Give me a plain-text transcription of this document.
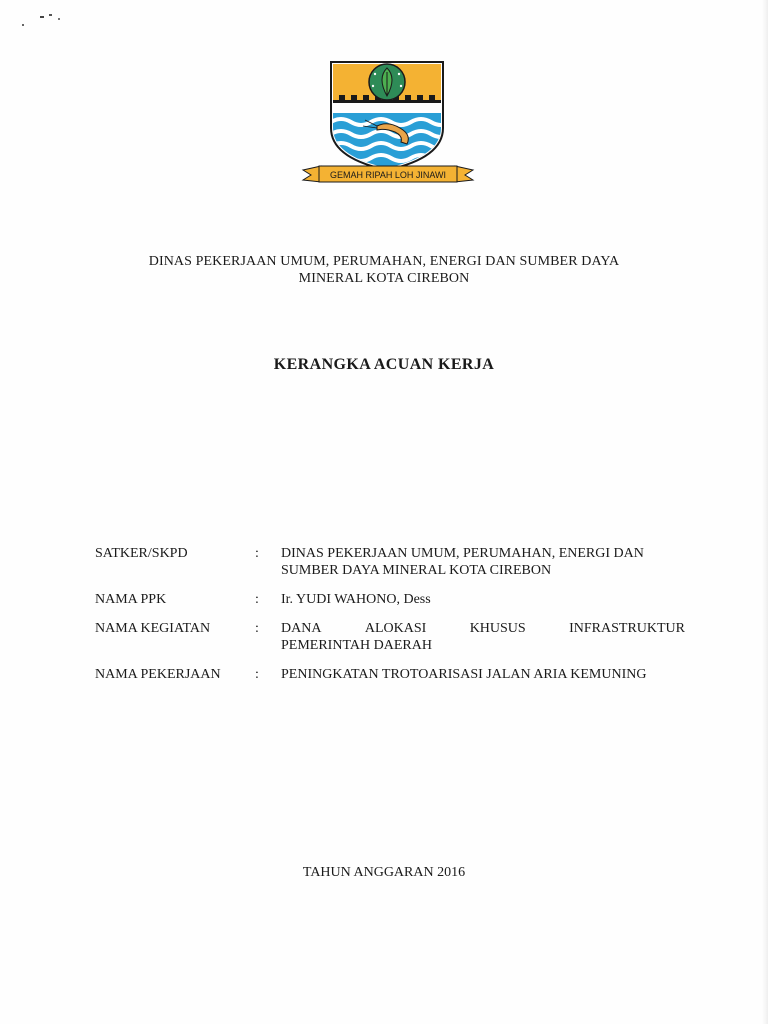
GEMAH RIPAH LOH JINAWI
DINAS PEKERJAAN UMUM, PERUMAHAN, ENERGI DAN SUMBER DAYA
MINERAL KOTA CIREBON
KERANGKA ACUAN KERJA
SATKER/SKPD	:	DINAS PEKERJAAN UMUM, PERUMAHAN, ENERGI DAN
SUMBER DAYA MINERAL KOTA CIREBON
NAMA PPK	:	Ir. YUDI WAHONO, Dess
NAMA KEGIATAN	:	DANA	ALOKASI	KHUSUS	INFRASTRUKTUR
PEMERINTAH DAERAH
NAMA PEKERJAAN	:	PENINGKATAN TROTOARISASI JALAN ARIA KEMUNING
TAHUN ANGGARAN 2016
